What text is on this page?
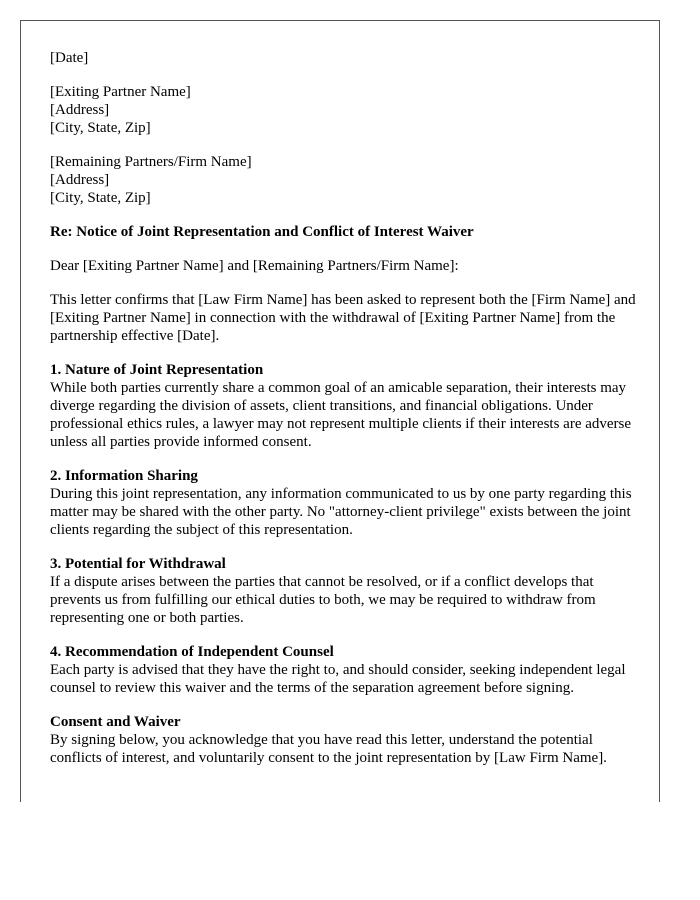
[Date]
[Exiting Partner Name]
[Address]
[City, State, Zip]
[Remaining Partners/Firm Name]
[Address]
[City, State, Zip]
Re: Notice of Joint Representation and Conflict of Interest Waiver

Dear [Exiting Partner Name] and [Remaining Partners/Firm Name]:

This letter confirms that [Law Firm Name] has been asked to represent both the [Firm Name] and [Exiting Partner Name] in connection with the withdrawal of [Exiting Partner Name] from the partnership effective [Date].

1. Nature of Joint Representation

While both parties currently share a common goal of an amicable separation, their interests may diverge regarding the division of assets, client transitions, and financial obligations. Under professional ethics rules, a lawyer may not represent multiple clients if their interests are adverse unless all parties provide informed consent.

2. Information Sharing

During this joint representation, any information communicated to us by one party regarding this matter may be shared with the other party. No "attorney-client privilege" exists between the joint clients regarding the subject of this representation.

3. Potential for Withdrawal

If a dispute arises between the parties that cannot be resolved, or if a conflict develops that prevents us from fulfilling our ethical duties to both, we may be required to withdraw from representing one or both parties.

4. Recommendation of Independent Counsel

Each party is advised that they have the right to, and should consider, seeking independent legal counsel to review this waiver and the terms of the separation agreement before signing.

Consent and Waiver

By signing below, you acknowledge that you have read this letter, understand the potential conflicts of interest, and voluntarily consent to the joint representation by [Law Firm Name].
